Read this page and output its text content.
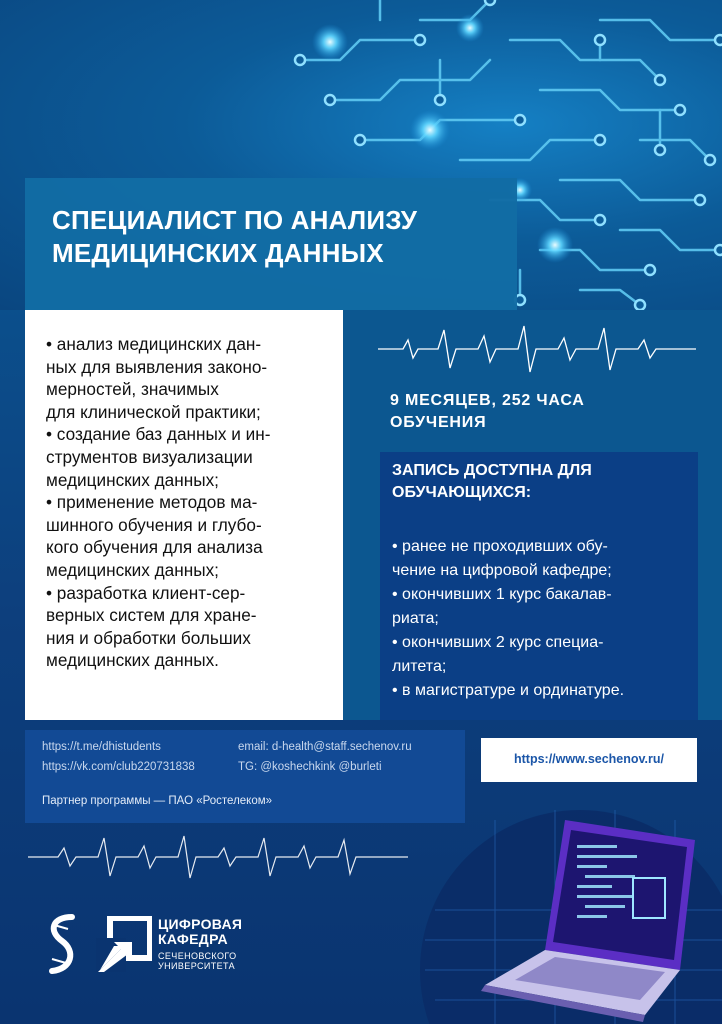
СПЕЦИАЛИСТ ПО АНАЛИЗУ
МЕДИЦИНСКИХ ДАННЫХ

9 МЕСЯЦЕВ, 252 ЧАСА
ОБУЧЕНИЯ

• анализ медицинских дан-

ных для выявления законо-

мерностей, значимых

для клинической практики;

• создание баз данных и ин-

струментов визуализации

медицинских данных;

• применение методов ма-

шинного обучения и глубо-

кого обучения для анализа

медицинских данных;

• разработка клиент-сер-

верных систем для хране-

ния и обработки больших

медицинских данных.

ЗАПИСЬ ДОСТУПНА ДЛЯ
ОБУЧАЮЩИХСЯ:

• ранее не проходивших обу-

чение на цифровой кафедре;

• окончивших 1 курс бакалав-

риата;

• окончивших 2 курс специа-

литета;

• в магистратуре и ординатуре.

https://t.me/dhistudents
https://vk.com/club220731838
email: d-health@staff.sechenov.ru
TG: @koshechkink @burleti
Партнер программы — ПАО «Ростелеком»
https://www.sechenov.ru/
ЦИФРОВАЯ
КАФЕДРА
СЕЧЕНОВСКОГО
УНИВЕРСИТЕТА
